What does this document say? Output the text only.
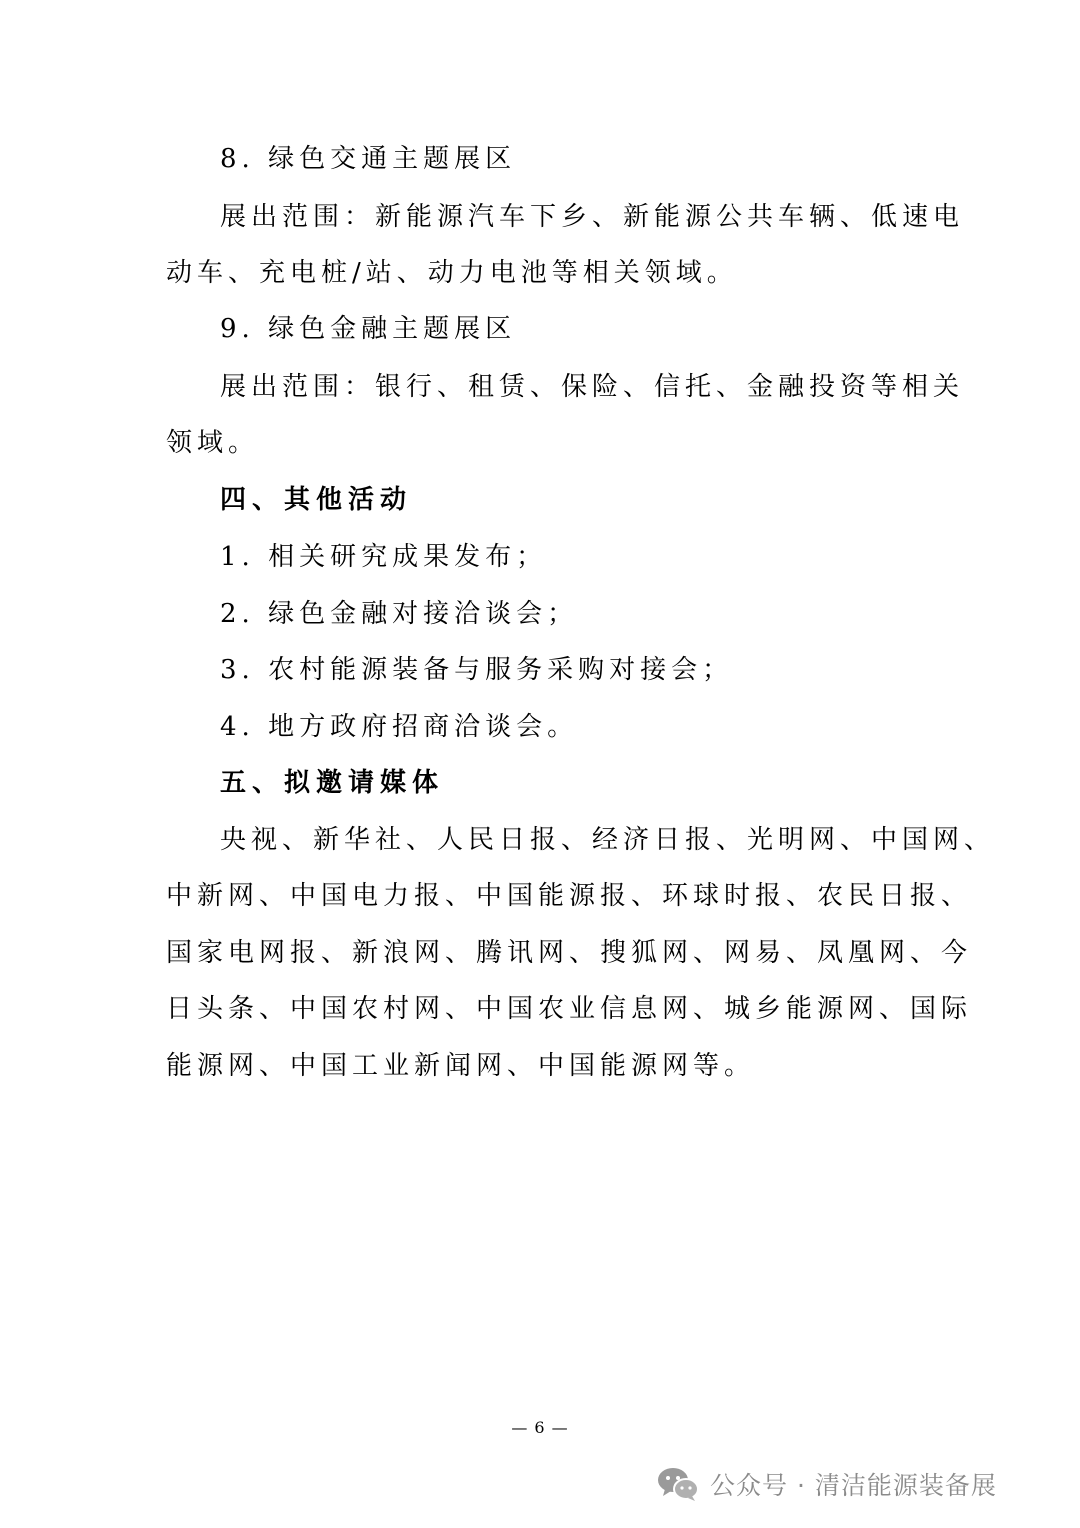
8. 绿色交通主题展区

展出范围：新能源汽车下乡、新能源公共车辆、低速电

动车、充电桩/站、动力电池等相关领域。

9. 绿色金融主题展区

展出范围：银行、租赁、保险、信托、金融投资等相关

领域。

四、其他活动

1. 相关研究成果发布；

2. 绿色金融对接洽谈会；

3. 农村能源装备与服务采购对接会；

4. 地方政府招商洽谈会。

五、拟邀请媒体

央视、新华社、人民日报、经济日报、光明网、中国网、

中新网、中国电力报、中国能源报、环球时报、农民日报、

国家电网报、新浪网、腾讯网、搜狐网、网易、凤凰网、今

日头条、中国农村网、中国农业信息网、城乡能源网、国际

能源网、中国工业新闻网、中国能源网等。

— 6 —
公众号 · 清洁能源装备展
